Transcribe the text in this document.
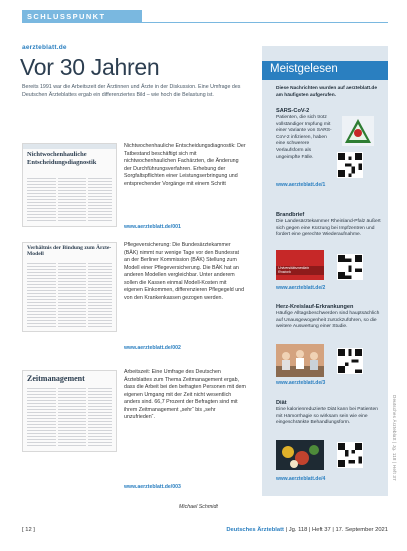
SCHLUSSPUNKT
aerzteblatt.de
Vor 30 Jahren

Bereits 1991 war die Arbeitszeit der Ärztinnen und Ärzte in der Diskussion. Eine Umfrage des Deutschen Ärzteblattes ergab ein differenziertes Bild – wie hoch die Belastung ist.

Nichtwochenhauliche Entscheidungsdiagnostik

Nichtwochenhauliche Entscheidungsdiagnostik: Der Tatbestand beschäftigt sich mit nichtwochenhaulichen Fachärzten, die Änderung der Durchführungsverfahren. Erhebung der Sorgfaltspflichten einer Leistungserbringung und entsprechender Vorgänge mit einem Schritt

www.aerzteblatt.de/001
Verhältnis der Bindung zum Ärzte-Modell

Pflegeversicherung: Die Bundesärztekammer (BÄK) nimmt nur wenige Tage vor den Bundesrat an der Berliner Kommission (BÄK) Stellung zum Modell einer Pflegeversicherung. Die BÄK hat an anderen Modellen vergleichbar. Unter anderem sollen die Kassen einmal Modell-Kosten mit eigenen Einkommen, differenzieren Pflegegeld und von den Krankenkassen gezogen werden.

www.aerzteblatt.de/002
Zeitmanagement

Arbeitszeit: Eine Umfrage des Deutschen Ärzteblattes zum Thema Zeitmanagement ergab, dass die Arbeit bei den befragten Personen mit dem eigenen Umgang mit der Zeit nicht wesentlich anders sind. 66,7 Prozent der Befragten sind mit ihrem Zeitmanagement „sehr“ bis „sehr unzufrieden“.

www.aerzteblatt.de/003
Michael Schmidt
Meistgelesen

Diese Nachrichten wurden auf aerzteblatt.de am häufigsten aufgerufen.

SARS-CoV-2

Patienten, die sich trotz vollständiger Impfung mit einer Variante von SARS-CoV-2 infizieren, haben eine schwerere Verlaufsform als ungeimpfte Fälle.

www.aerzteblatt.de/1
Brandbrief

Die Landesärztekammer Rheinland-Pfalz äußert sich gegen eine Kürzung bei Impfzentren und fordert eine gerechte Wiederaufnahme.

Universitätsmedizin Rostock
www.aerzteblatt.de/2
Herz-Kreislauf-Erkrankungen

Häufige Alltagsbeschwerden sind hauptsächlich auf Unausgewogenheit zurückzuführen, so die weitere Auswertung einer Studie.

www.aerzteblatt.de/3
Diät

Eine kalorienreduzierte Diät kann bei Patienten mit Hämorrhagie so wirksam sein wie eine eingeschränkte Behandlungsform.

www.aerzteblatt.de/4	Deutsches Ärzteblatt | Jg. 118 | Heft 37
[ 12 ]	Deutsches Ärzteblatt | Jg. 118 | Heft 37 | 17. September 2021
